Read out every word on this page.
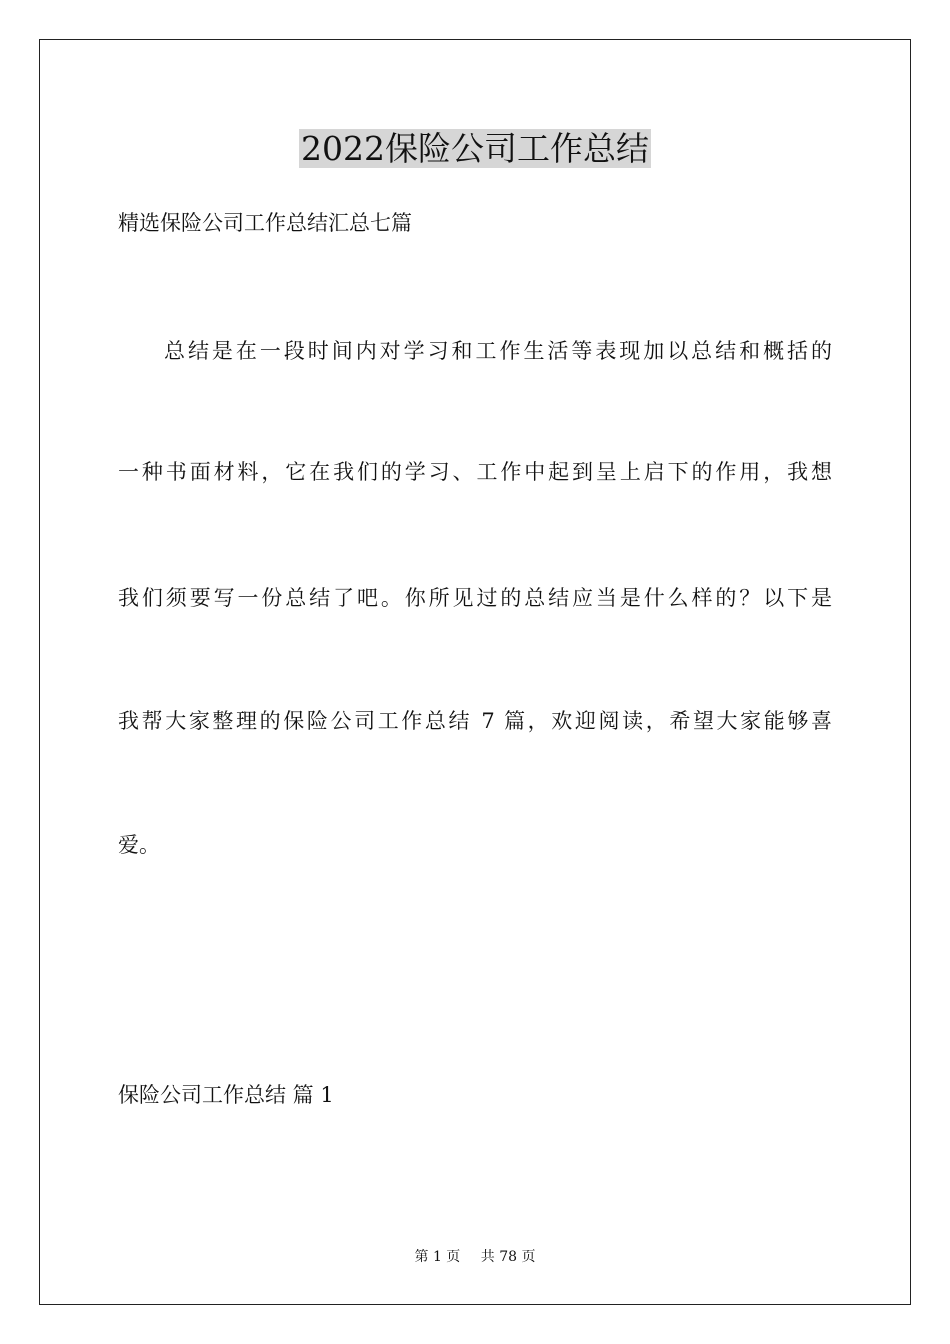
2022保险公司工作总结

精选保险公司工作总结汇总七篇

总结是在一段时间内对学习和工作生活等表现加以总结和概括的

一种书面材料，它在我们的学习、工作中起到呈上启下的作用，我想

我们须要写一份总结了吧。你所见过的总结应当是什么样的？以下是

我帮大家整理的保险公司工作总结 7 篇，欢迎阅读，希望大家能够喜

爱。

保险公司工作总结 篇 1

第 1 页 共 78 页
